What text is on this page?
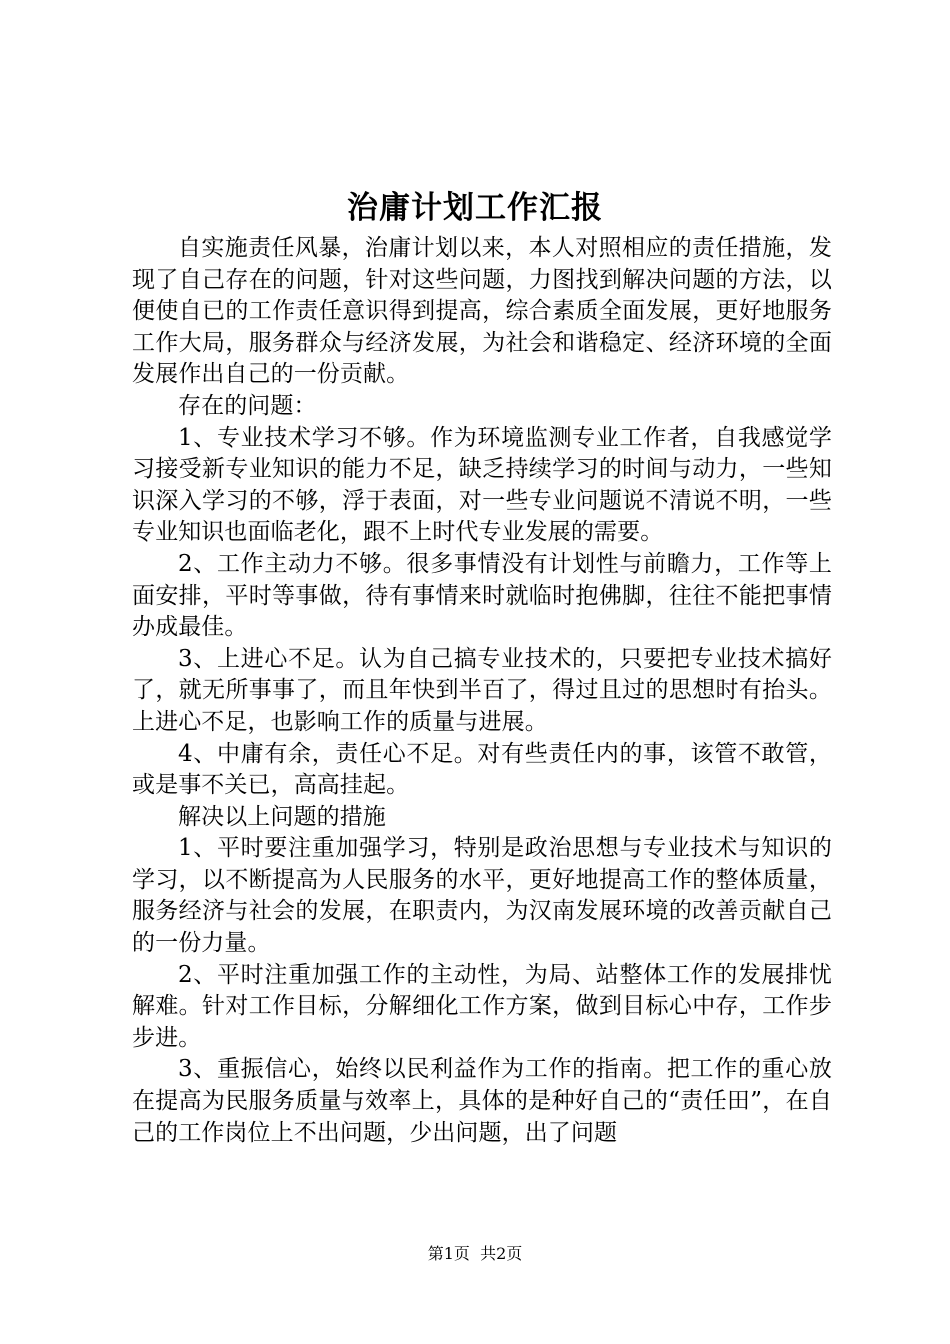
治庸计划工作汇报

自实施责任风暴，治庸计划以来，本人对照相应的责任措施，发现了自己存在的问题，针对这些问题，力图找到解决问题的方法，以便使自已的工作责任意识得到提高，综合素质全面发展，更好地服务工作大局，服务群众与经济发展，为社会和谐稳定、经济环境的全面发展作出自己的一份贡献。

存在的问题：

1、专业技术学习不够。作为环境监测专业工作者，自我感觉学习接受新专业知识的能力不足，缺乏持续学习的时间与动力，一些知识深入学习的不够，浮于表面，对一些专业问题说不清说不明，一些专业知识也面临老化，跟不上时代专业发展的需要。

2、工作主动力不够。很多事情没有计划性与前瞻力，工作等上面安排，平时等事做，待有事情来时就临时抱佛脚，往往不能把事情办成最佳。

3、上进心不足。认为自己搞专业技术的，只要把专业技术搞好了，就无所事事了，而且年快到半百了，得过且过的思想时有抬头。上进心不足，也影响工作的质量与进展。

4、中庸有余，责任心不足。对有些责任内的事，该管不敢管，或是事不关已，高高挂起。

解决以上问题的措施

1、平时要注重加强学习，特别是政治思想与专业技术与知识的学习，以不断提高为人民服务的水平，更好地提高工作的整体质量，服务经济与社会的发展，在职责内，为汉南发展环境的改善贡献自己的一份力量。

2、平时注重加强工作的主动性，为局、站整体工作的发展排忧解难。针对工作目标，分解细化工作方案，做到目标心中存，工作步步进。

3、重振信心，始终以民利益作为工作的指南。把工作的重心放在提高为民服务质量与效率上，具体的是种好自己的“责任田”，在自己的工作岗位上不出问题，少出问题，出了问题

第1页 共2页
